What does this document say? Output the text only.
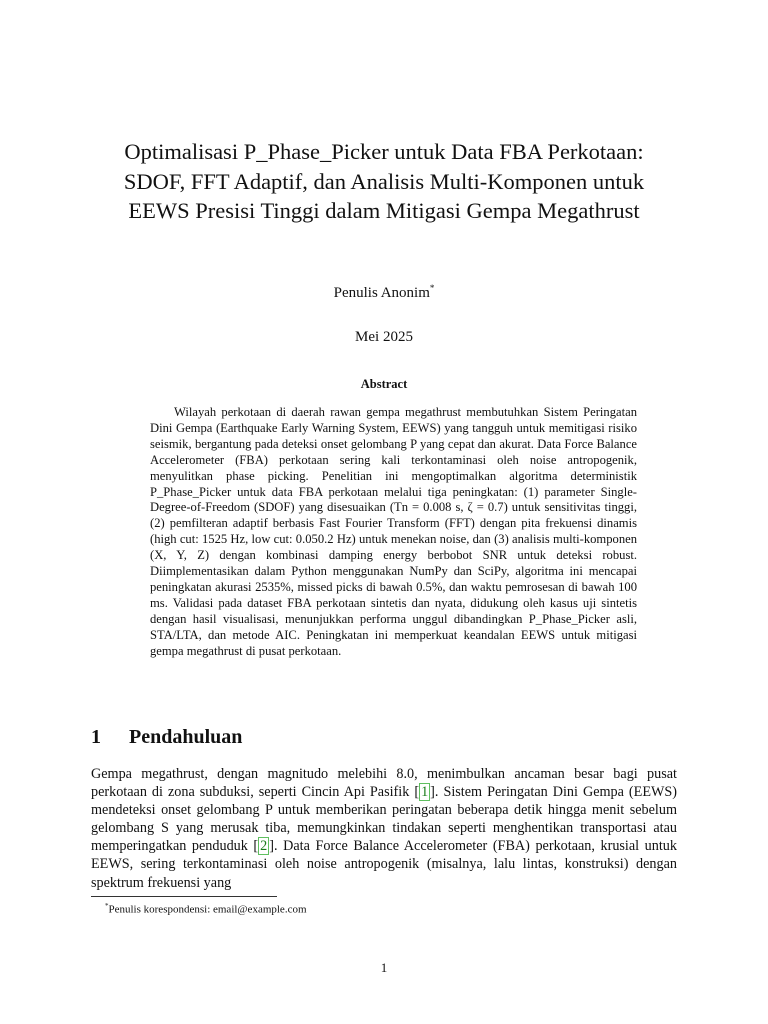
Optimalisasi P_Phase_Picker untuk Data FBA Perkotaan: SDOF, FFT Adaptif, dan Analisis Multi-Komponen untuk EEWS Presisi Tinggi dalam Mitigasi Gempa Megathrust
Penulis Anonim*
Mei 2025
Abstract

Wilayah perkotaan di daerah rawan gempa megathrust membutuhkan Sistem Peringatan Dini Gempa (Earthquake Early Warning System, EEWS) yang tangguh untuk memitigasi risiko seismik, bergantung pada deteksi onset gelombang P yang cepat dan akurat. Data Force Balance Accelerometer (FBA) perkotaan sering kali terkontaminasi oleh noise antropogenik, menyulitkan phase picking. Penelitian ini mengoptimalkan algoritma deterministik P_Phase_Picker untuk data FBA perkotaan melalui tiga peningkatan: (1) parameter Single-Degree-of-Freedom (SDOF) yang disesuaikan (Tn = 0.008 s, ζ = 0.7) untuk sensitivitas tinggi, (2) pemfilteran adaptif berbasis Fast Fourier Transform (FFT) dengan pita frekuensi dinamis (high cut: 1525 Hz, low cut: 0.050.2 Hz) untuk menekan noise, dan (3) analisis multi-komponen (X, Y, Z) dengan kombinasi damping energy berbobot SNR untuk deteksi robust. Diimplementasikan dalam Python menggunakan NumPy dan SciPy, algoritma ini mencapai peningkatan akurasi 2535%, missed picks di bawah 0.5%, dan waktu pemrosesan di bawah 100 ms. Validasi pada dataset FBA perkotaan sintetis dan nyata, didukung oleh kasus uji sintetis dengan hasil visualisasi, menunjukkan performa unggul dibandingkan P_Phase_Picker asli, STA/LTA, dan metode AIC. Peningkatan ini memperkuat keandalan EEWS untuk mitigasi gempa megathrust di pusat perkotaan.

1 Pendahuluan

Gempa megathrust, dengan magnitudo melebihi 8.0, menimbulkan ancaman besar bagi pusat perkotaan di zona subduksi, seperti Cincin Api Pasifik [ 1 ]. Sistem Peringatan Dini Gempa (EEWS) mendeteksi onset gelombang P untuk memberikan peringatan beberapa detik hingga menit sebelum gelombang S yang merusak tiba, memungkinkan tindakan seperti menghentikan transportasi atau memperingatkan penduduk [ 2 ]. Data Force Balance Accelerometer (FBA) perkotaan, krusial untuk EEWS, sering terkontaminasi oleh noise antropogenik (misalnya, lalu lintas, konstruksi) dengan spektrum frekuensi yang

*Penulis korespondensi: email@example.com
1
